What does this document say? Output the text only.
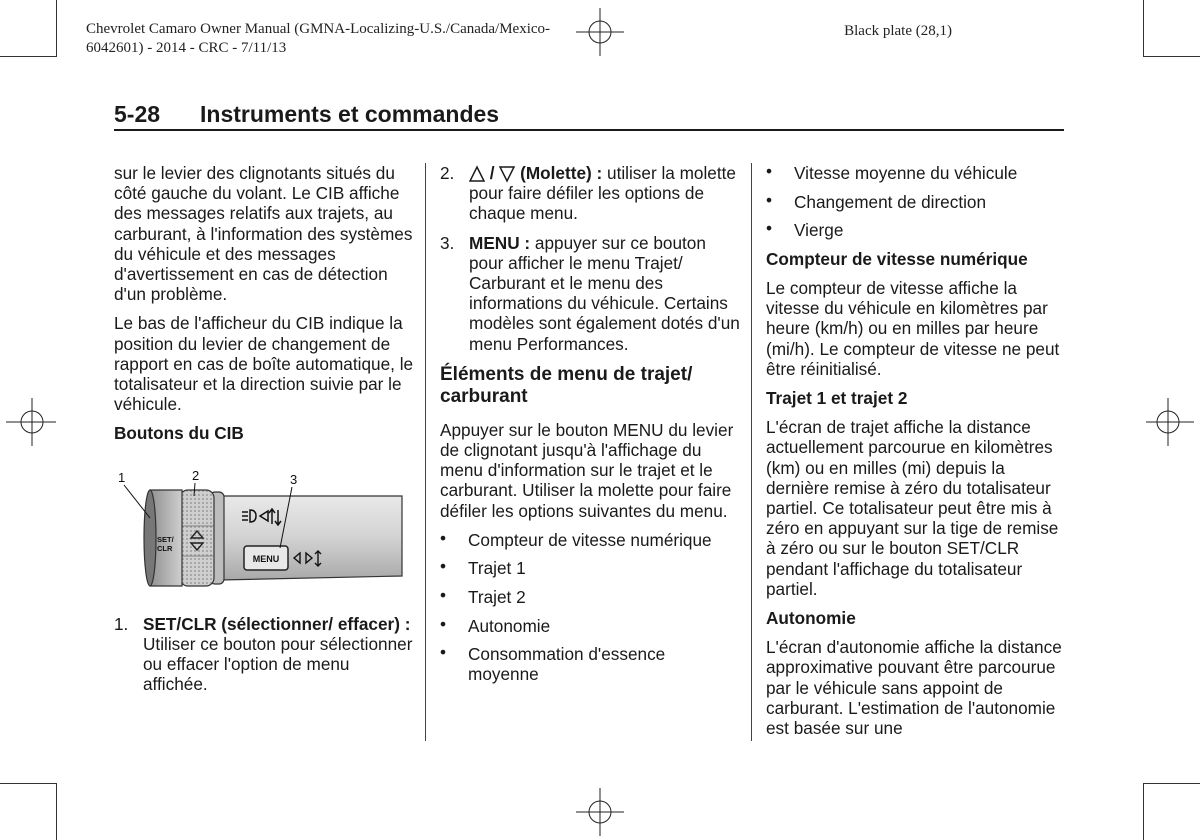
Chevrolet Camaro Owner Manual (GMNA-Localizing-U.S./Canada/Mexico-
6042601) - 2014 - CRC - 7/11/13
Black plate (28,1)
5-28 Instruments et commandes

sur le levier des clignotants situés du côté gauche du volant. Le CIB affiche des messages relatifs aux trajets, au carburant, à l'information des systèmes du véhicule et des messages d'avertissement en cas de détection d'un problème.

Le bas de l'afficheur du CIB indique la position du levier de changement de rapport en cas de boîte automatique, le totalisateur et la direction suivie par le véhicule.

Boutons du CIB
SET/ CLR
MENU
1	2	3
1. SET/CLR (sélectionner/ effacer) : Utiliser ce bouton pour sélectionner ou effacer l'option de menu affichée.
2. /  (Molette) : utiliser la molette pour faire défiler les options de chaque menu.
3. MENU : appuyer sur ce bouton pour afficher le menu Trajet/ Carburant et le menu des informations du véhicule. Certains modèles sont également dotés d'un menu Performances.
Éléments de menu de trajet/ carburant

Appuyer sur le bouton MENU du levier de clignotant jusqu'à l'affichage du menu d'information sur le trajet et le carburant. Utiliser la molette pour faire défiler les options suivantes du menu.

• Compteur de vitesse numérique
• Trajet 1
• Trajet 2
• Autonomie
• Consommation d'essence moyenne
• Vitesse moyenne du véhicule
• Changement de direction
• Vierge
Compteur de vitesse numérique

Le compteur de vitesse affiche la vitesse du véhicule en kilomètres par heure (km/h) ou en milles par heure (mi/h). Le compteur de vitesse ne peut être réinitialisé.

Trajet 1 et trajet 2

L'écran de trajet affiche la distance actuellement parcourue en kilomètres (km) ou en milles (mi) depuis la dernière remise à zéro du totalisateur partiel. Ce totalisateur peut être mis à zéro en appuyant sur la tige de remise à zéro ou sur le bouton SET/CLR pendant l'affichage du totalisateur partiel.

Autonomie

L'écran d'autonomie affiche la distance approximative pouvant être parcourue par le véhicule sans appoint de carburant. L'estimation de l'autonomie est basée sur une
